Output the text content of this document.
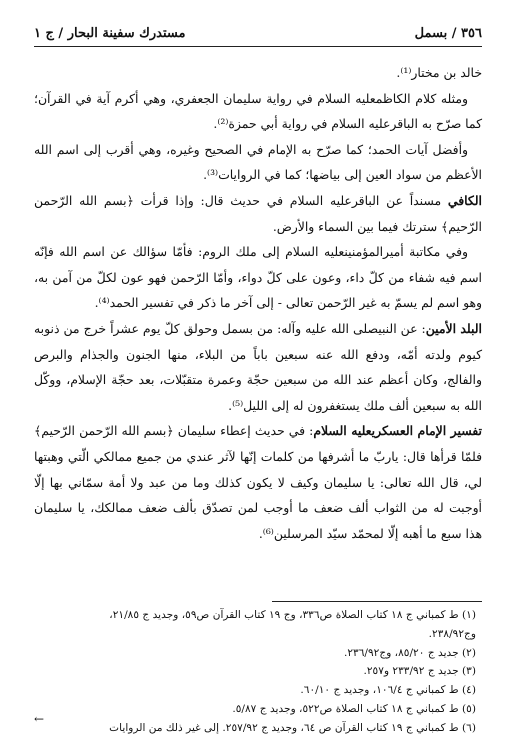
٣٥٦ / بسمل
مستدرك سفينة البحار / ج ١

خالد بن مختار⁽¹⁾.

ومثله كلام الكاظمعليه السلام في رواية سليمان الجعفري، وهي أكرم آية في القرآن؛ كما صرّح به الباقرعليه السلام في رواية أبي حمزة⁽²⁾.

وأفضل آيات الحمد؛ كما صرّح به الإمام في الصحيح وغيره، وهي أقرب إلى اسم الله الأعظم من سواد العين إلى بياضها؛ كما في الروايات⁽³⁾.

الكافي مسنداً عن الباقرعليه السلام في حديث قال: وإذا قرأت ﴿بسم الله الرّحمن الرّحيم﴾ سترتك فيما بين السماء والأرض.

وفي مكاتبة أميرالمؤمنينعليه السلام إلى ملك الروم: فأمّا سؤالك عن اسم الله فإنّه اسم فيه شفاء من كلّ داء، وعون على كلّ دواء، وأمّا الرّحمن فهو عون لكلّ من آمن به، وهو اسم لم يسمّ به غير الرّحمن تعالى - إلى آخر ما ذكر في تفسير الحمد⁽⁴⁾.

البلد الأمين: عن النبيصلى الله عليه وآله: من بسمل وحولق كلّ يوم عشراً خرج من ذنوبه كيوم ولدته أمّه، ودفع الله عنه سبعين باباً من البلاء، منها الجنون والجذام والبرص والفالج، وكان أعظم عند الله من سبعين حجّة وعمرة متقبّلات، بعد حجّة الإسلام، ووكّل الله به سبعين ألف ملك يستغفرون له إلى الليل⁽⁵⁾.

تفسير الإمام العسكريعليه السلام: في حديث إعطاء سليمان ﴿بسم الله الرّحمن الرّحيم﴾ فلمّا قرأها قال: ياربّ ما أشرفها من كلمات إنّها لآثر عندي من جميع ممالكي الّتي وهبتها لي، قال الله تعالى: يا سليمان وكيف لا يكون كذلك وما من عبد ولا أمة سمّاني بها إلّا أوجبت له من الثواب ألف ضعف ما أوجب لمن تصدّق بألف ضعف ممالكك، يا سليمان هذا سبع ما أهبه إلّا لمحمّد سيّد المرسلين⁽⁶⁾.

(١) ط كمباني ج ١٨ كتاب الصلاة ص٣٣٦، وج ١٩ كتاب القرآن ص٥٩، وجديد ج ٢١/٨٥،
وج٢٣٨/٩٢.
(٢) جديد ج ٨٥/٢٠، وج٢٣٦/٩٢.
(٣) جديد ج ٢٣٣/٩٢ و٢٥٧.
(٤) ط كمباني ج ١٠٦/٤، وجديد ج ٦٠/١٠.
(٥) ط كمباني ج ١٨ كتاب الصلاة ص٥٢٢، وجديد ج ٥/٨٧.
(٦) ط كمباني ج ١٩ كتاب القرآن ص ٦٤، وجديد ج ٢٥٧/٩٢. إلى غير ذلك من الروايات
←
